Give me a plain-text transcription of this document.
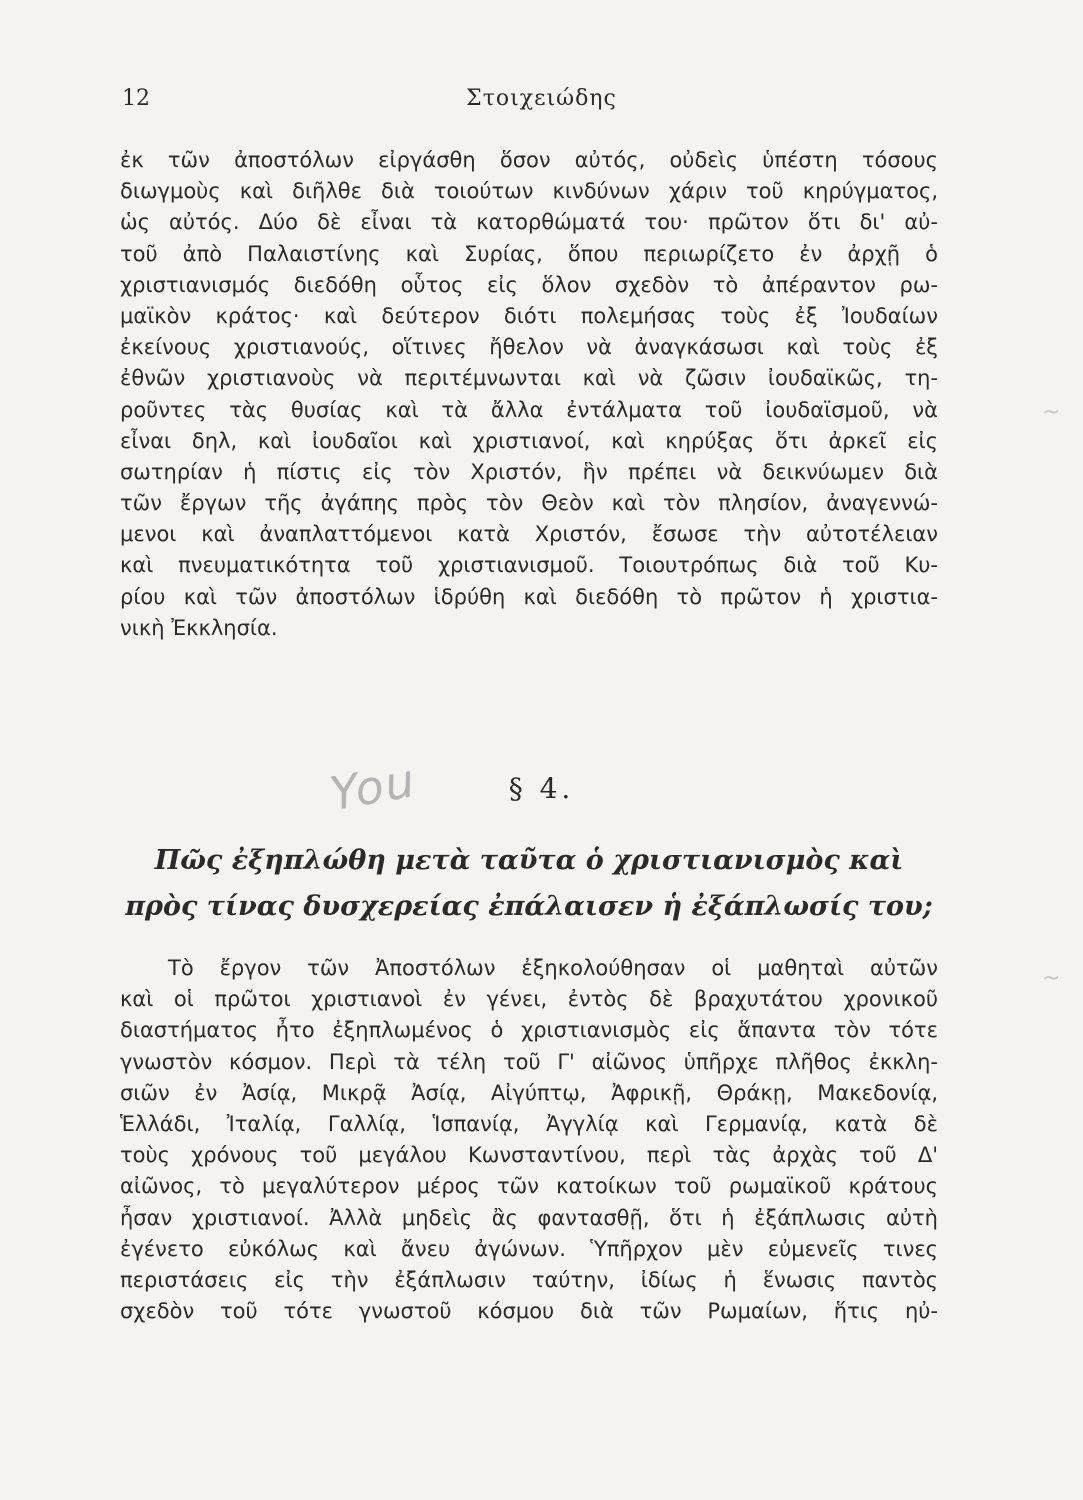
12	Στοιχειώδης
ἐκ τῶν ἀποστόλων εἰργάσθη ὅσον αὐτός, οὐδεὶς ὑπέστη τόσους
διωγμοὺς καὶ διῆλθε διὰ τοιούτων κινδύνων χάριν τοῦ κηρύγματος,
ὡς αὐτός. Δύο δὲ εἶναι τὰ κατορθώματά του· πρῶτον ὅτι δι' αὐ-
τοῦ ἀπὸ Παλαιστίνης καὶ Συρίας, ὅπου περιωρίζετο ἐν ἀρχῇ ὁ
χριστιανισμός διεδόθη οὗτος εἰς ὅλον σχεδὸν τὸ ἀπέραντον ρω-
μαϊκὸν κράτος· καὶ δεύτερον διότι πολεμήσας τοὺς ἐξ Ἰουδαίων
ἐκείνους χριστιανούς, οἵτινες ἤθελον νὰ ἀναγκάσωσι καὶ τοὺς ἐξ
ἐθνῶν χριστιανοὺς νὰ περιτέμνωνται καὶ νὰ ζῶσιν ἰουδαϊκῶς, τη-
ροῦντες τὰς θυσίας καὶ τὰ ἄλλα ἐντάλματα τοῦ ἰουδαϊσμοῦ, νὰ
εἶναι δηλ, καὶ ἰουδαῖοι καὶ χριστιανοί, καὶ κηρύξας ὅτι ἀρκεῖ εἰς
σωτηρίαν ἡ πίστις εἰς τὸν Χριστόν, ἣν πρέπει νὰ δεικνύωμεν διὰ
τῶν ἔργων τῆς ἀγάπης πρὸς τὸν Θεὸν καὶ τὸν πλησίον, ἀναγεννώ-
μενοι καὶ ἀναπλαττόμενοι κατὰ Χριστόν, ἔσωσε τὴν αὐτοτέλειαν
καὶ πνευματικότητα τοῦ χριστιανισμοῦ. Τοιουτρόπως διὰ τοῦ Κυ-
ρίου καὶ τῶν ἀποστόλων ἱδρύθη καὶ διεδόθη τὸ πρῶτον ἡ χριστια-
νικὴ Ἐκκλησία.
You	§ 4.
Πῶς ἐξηπλώθη μετὰ ταῦτα ὁ χριστιανισμὸς καὶ
πρὸς τίνας δυσχερείας ἐπάλαισεν ἡ ἐξάπλωσίς του;
Τὸ ἔργον τῶν Ἀποστόλων ἐξηκολούθησαν οἱ μαθηταὶ αὐτῶν
καὶ οἱ πρῶτοι χριστιανοὶ ἐν γένει, ἐντὸς δὲ βραχυτάτου χρονικοῦ
διαστήματος ἦτο ἐξηπλωμένος ὁ χριστιανισμὸς εἰς ἅπαντα τὸν τότε
γνωστὸν κόσμον. Περὶ τὰ τέλη τοῦ Γ' αἰῶνος ὑπῆρχε πλῆθος ἐκκλη-
σιῶν ἐν Ἀσίᾳ, Μικρᾷ Ἀσίᾳ, Αἰγύπτῳ, Ἀφρικῇ, Θράκῃ, Μακεδονίᾳ,
Ἑλλάδι, Ἰταλίᾳ, Γαλλίᾳ, Ἱσπανίᾳ, Ἀγγλίᾳ καὶ Γερμανίᾳ, κατὰ δὲ
τοὺς χρόνους τοῦ μεγάλου Κωνσταντίνου, περὶ τὰς ἀρχὰς τοῦ Δ'
αἰῶνος, τὸ μεγαλύτερον μέρος τῶν κατοίκων τοῦ ρωμαϊκοῦ κράτους
ἦσαν χριστιανοί. Ἀλλὰ μηδεὶς ἂς φαντασθῇ, ὅτι ἡ ἐξάπλωσις αὐτὴ
ἐγένετο εὐκόλως καὶ ἄνευ ἀγώνων. Ὑπῆρχον μὲν εὐμενεῖς τινες
περιστάσεις εἰς τὴν ἐξάπλωσιν ταύτην, ἰδίως ἡ ἕνωσις παντὸς
σχεδὸν τοῦ τότε γνωστοῦ κόσμου διὰ τῶν Ρωμαίων, ἥτις ηὐ-
~
~
